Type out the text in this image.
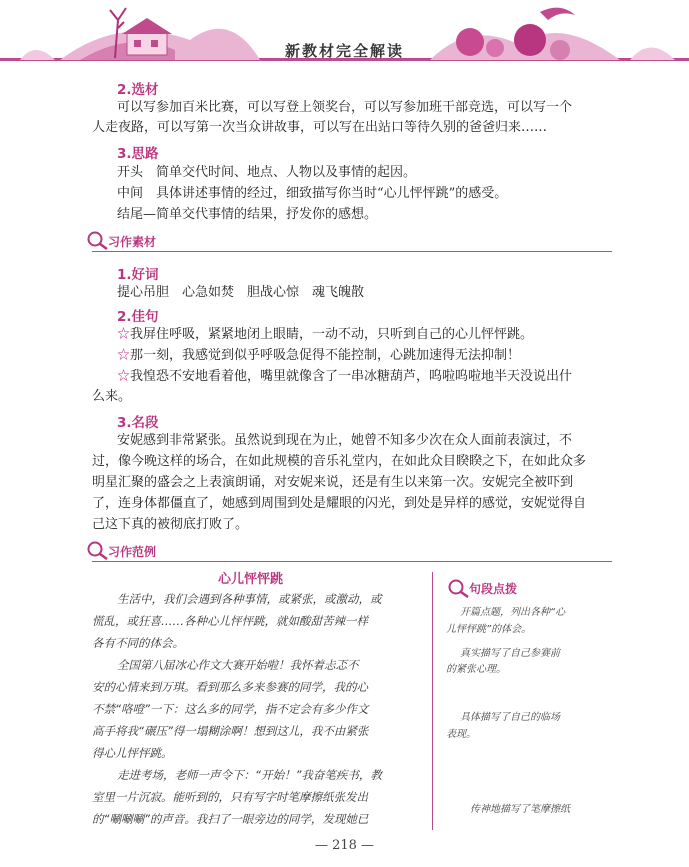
新教材完全解读
2.选材
可以写参加百米比赛，可以写登上领奖台，可以写参加班干部竞选，可以写一个
人走夜路，可以写第一次当众讲故事，可以写在出站口等待久别的爸爸归来……
3.思路
开头　简单交代时间、地点、人物以及事情的起因。
中间　具体讲述事情的经过，细致描写你当时“心儿怦怦跳”的感受。
结尾—简单交代事情的结果，抒发你的感想。
习作素材
1.好词
提心吊胆　心急如焚　胆战心惊　魂飞魄散
2.佳句
☆我屏住呼吸，紧紧地闭上眼睛，一动不动，只听到自己的心儿怦怦跳。
☆那一刻，我感觉到似乎呼吸急促得不能控制，心跳加速得无法抑制！
☆我惶恐不安地看着他，嘴里就像含了一串冰糖葫芦，呜啦呜啦地半天没说出什
么来。
3.名段
安妮感到非常紧张。虽然说到现在为止，她曾不知多少次在众人面前表演过，不
过，像今晚这样的场合，在如此规模的音乐礼堂内，在如此众目睽睽之下，在如此众多
明星汇聚的盛会之上表演朗诵，对安妮来说，还是有生以来第一次。安妮完全被吓到
了，连身体都僵直了，她感到周围到处是耀眼的闪光，到处是异样的感觉，安妮觉得自
己这下真的被彻底打败了。
习作范例
心儿怦怦跳
生活中，我们会遇到各种事情，或紧张，或激动，或
慌乱，或狂喜……各种心儿怦怦跳，就如酸甜苦辣一样
各有不同的体会。
全国第八届冰心作文大赛开始啦！我怀着忐忑不
安的心情来到万琪。看到那么多来参赛的同学，我的心
不禁“咯噔”一下：这么多的同学，指不定会有多少作文
高手将我“碾压”得一塌糊涂啊！想到这儿，我不由紧张
得心儿怦怦跳。
走进考场，老师一声令下：“开始！”我奋笔疾书，教
室里一片沉寂。能听到的，只有写字时笔摩擦纸张发出
的“唰唰唰”的声音。我扫了一眼旁边的同学，发现她已
句段点拨
开篇点题，列出各种“心
儿怦怦跳”的体会。
真实描写了自己参赛前
的紧张心理。
具体描写了自己的临场
表现。
传神地描写了笔摩擦纸
— 218 —
